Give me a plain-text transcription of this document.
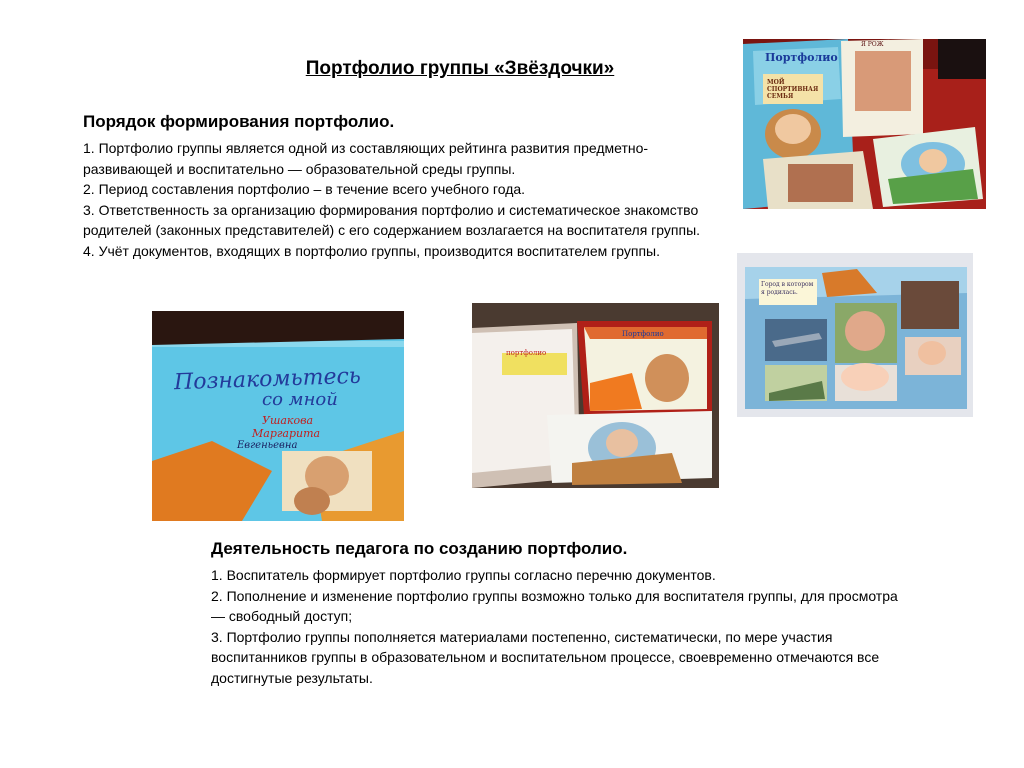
Портфолио группы «Звёздочки»
Порядок формирования портфолио.
1. Портфолио группы является одной из составляющих рейтинга развития предметно-развивающей и воспитательно — образовательной среды группы.
2. Период составления портфолио – в течение всего учебного года.
3. Ответственность за организацию формирования портфолио и систематическое знакомство родителей (законных представителей) с его содержанием возлагается на воспитателя группы.
4. Учёт документов, входящих в портфолио группы, производится воспитателем группы.
Портфолио
МОЙ СПОРТИВНАЯ СЕМЬЯ
Я РОЖ
Познакомьтесь
со мной
Ушакова
Маргарита
Евгеньевна
портфолио
Портфолио
Город в котором я родилась.
Деятельность педагога по созданию портфолио.
1. Воспитатель формирует портфолио группы согласно перечню документов.
2. Пополнение и изменение портфолио группы возможно только для воспитателя группы, для просмотра — свободный доступ;
3. Портфолио группы пополняется материалами постепенно, систематически, по мере участия воспитанников группы в образовательном и воспитательном процессе, своевременно отмечаются все достигнутые результаты.
